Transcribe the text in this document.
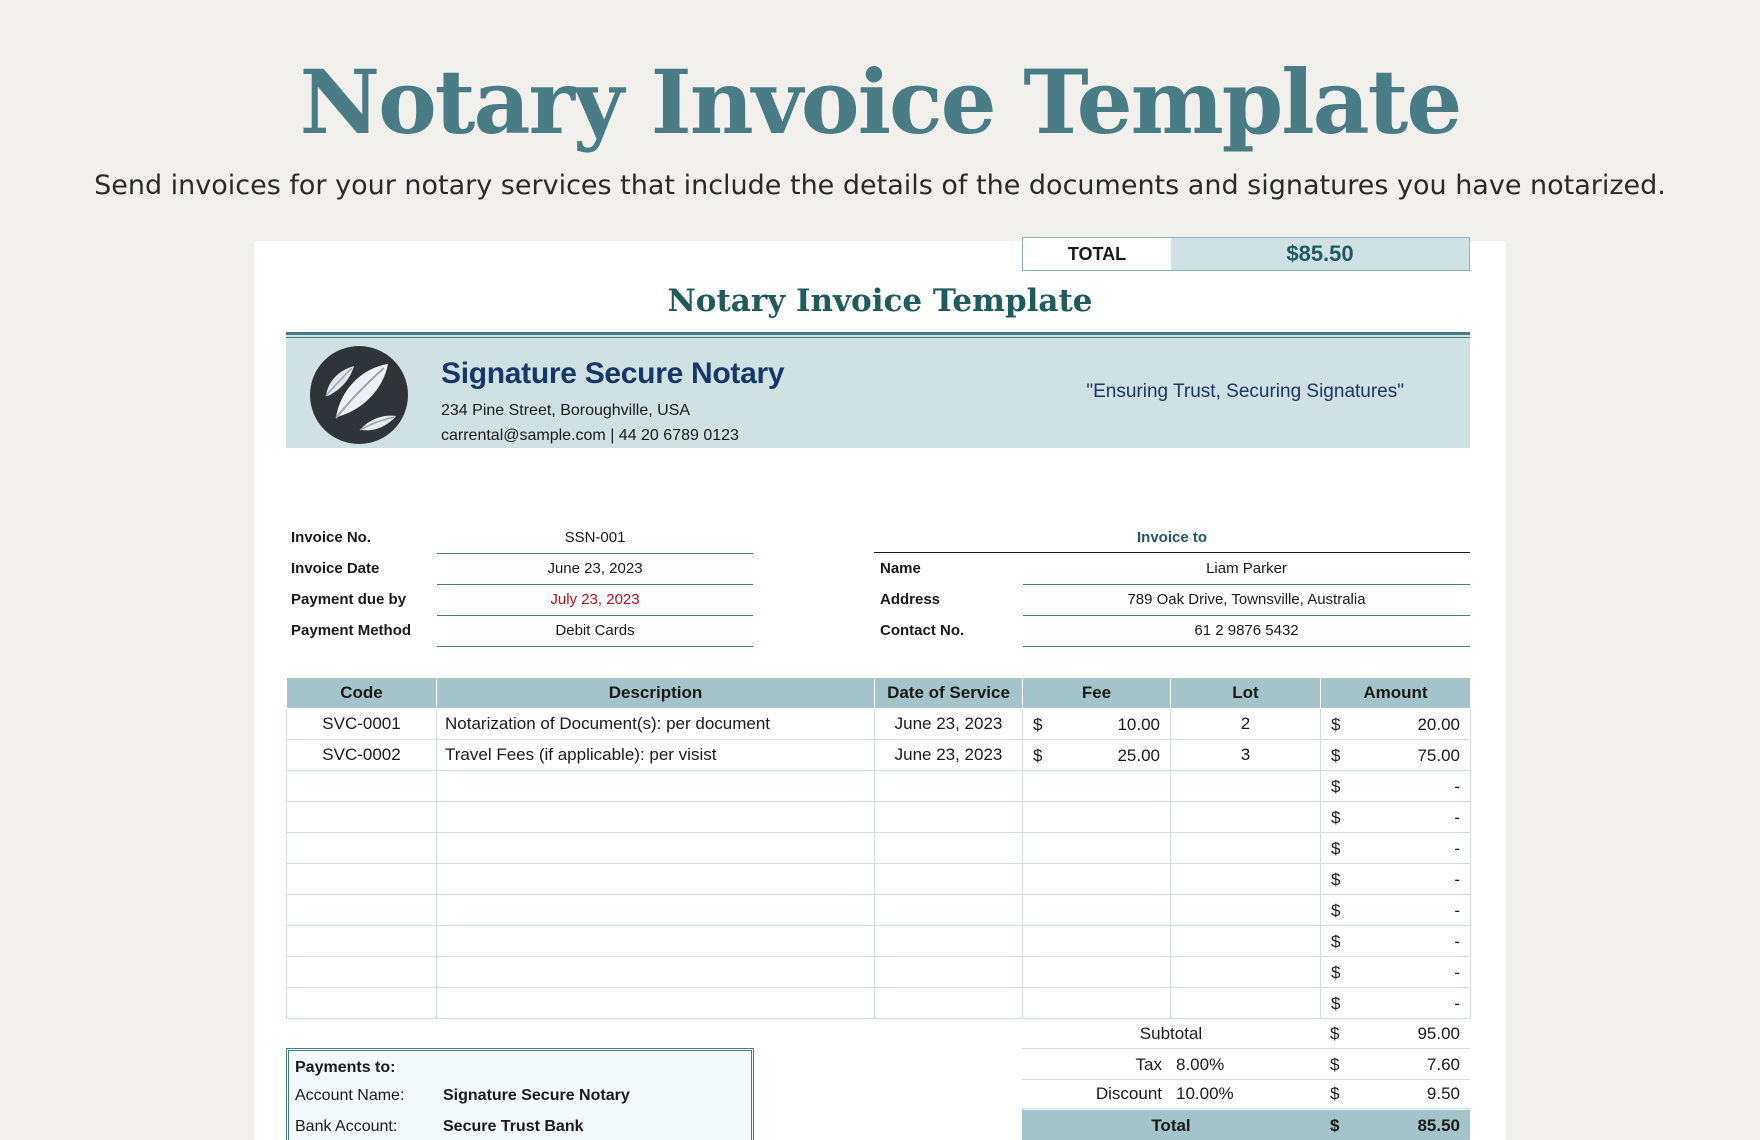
Notary Invoice Template
Send invoices for your notary services that include the details of the documents and signatures you have notarized.
Notary Invoice Template
Signature Secure Notary
234 Pine Street, Boroughville, USA
carrental@sample.com | 44 20 6789 0123
"Ensuring Trust, Securing Signatures"
TOTAL	$85.50
Invoice No.	SSN-001
Invoice Date	June 23, 2023
Payment due by	July 23, 2023
Payment Method	Debit Cards
Invoice to
Name	Liam Parker
Address	789 Oak Drive, Townsville, Australia
Contact No.	61 2 9876 5432
Code	Description	Date of Service	Fee	Lot	Amount
SVC-0001	Notarization of Document(s): per document	June 23, 2023	$ 10.00	2	$ 20.00

SVC-0002	Travel Fees (if applicable): per visist	June 23, 2023	$ 25.00	3	$ 75.00

					$ -

					$ -

					$ -

					$ -

					$ -

					$ -

					$ -

					$ -
Subtotal	$	95.00
Tax 8.00%	$	7.60
Discount 10.00%	$	9.50
Total	$	85.50
Payments to:
Account Name: Signature Secure Notary
Bank Account:	Secure Trust Bank
